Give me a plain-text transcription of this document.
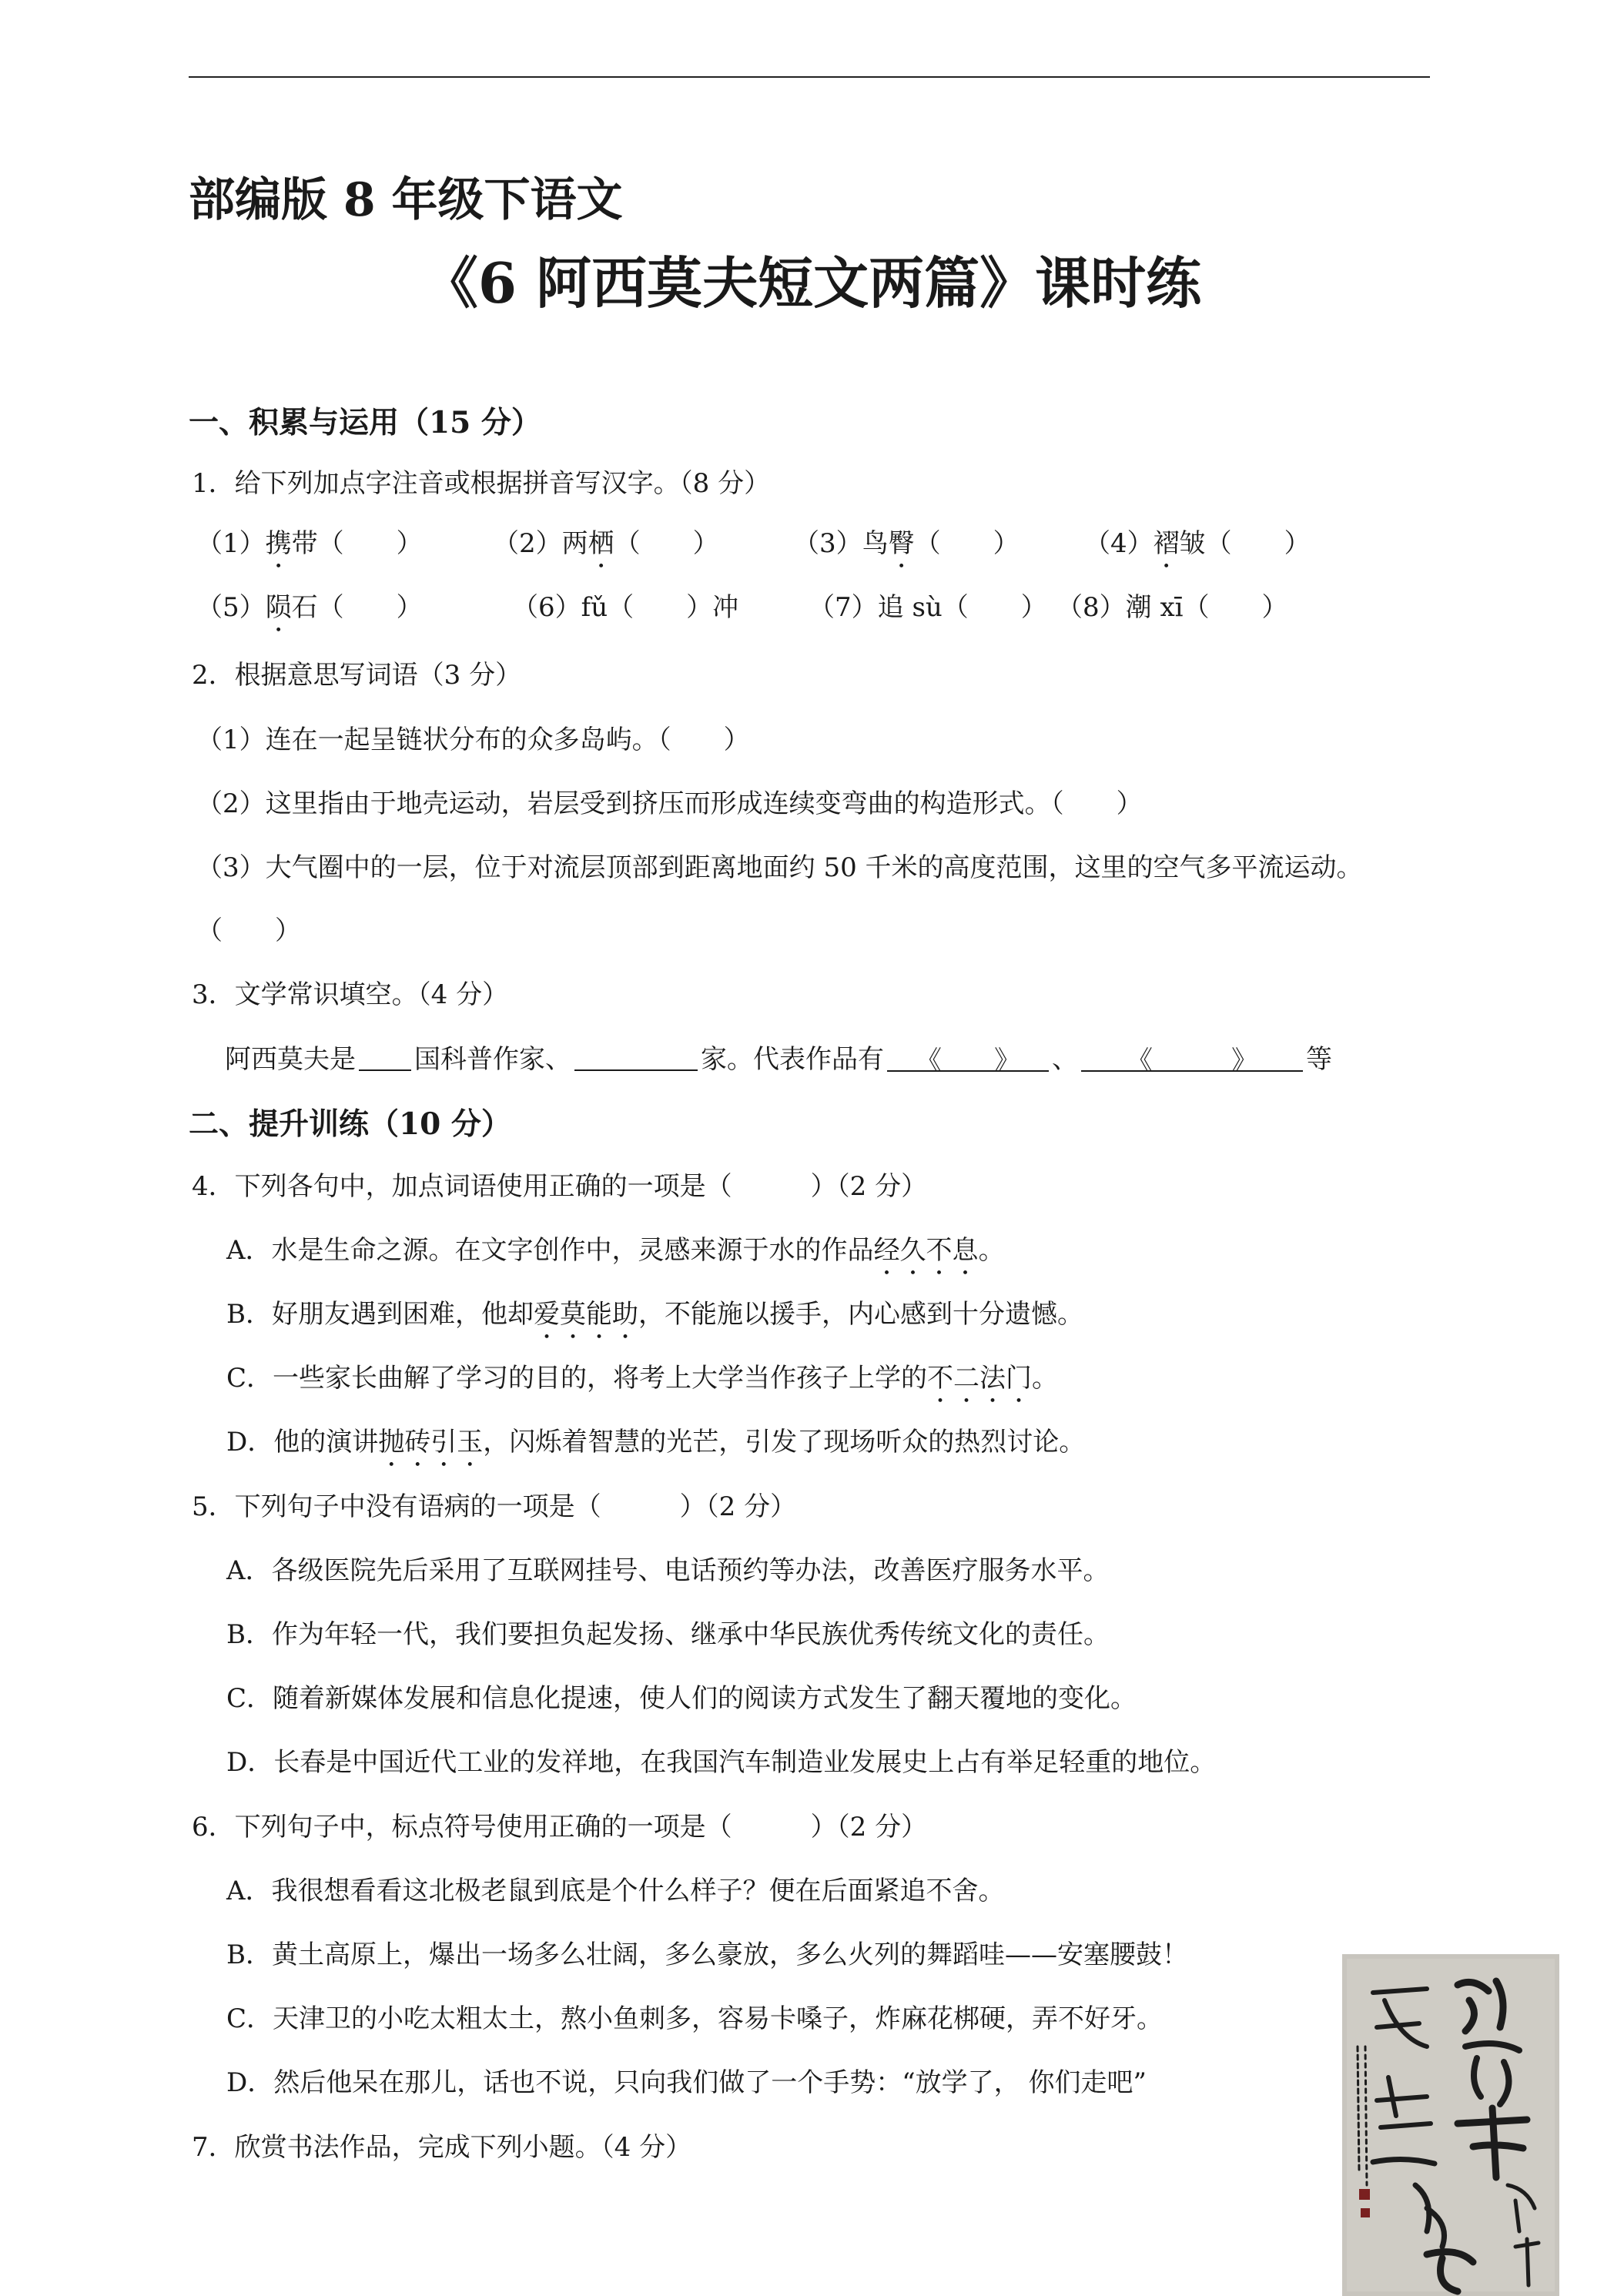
部编版 8 年级下语文
《6 阿西莫夫短文两篇》课时练
一、积累与运用（15 分）
1．给下列加点字注音或根据拼音写汉字。（8 分）
（1）携带（　　）	（2）两栖（　　）	（3）鸟臀（　　） （4）褶皱（　　）
（5）陨石（　　）	（6）fǔ（　　）冲	（7）追 sù（　　） （8）潮 xī（　　）
2．根据意思写词语（3 分）
（1）连在一起呈链状分布的众多岛屿。（　　）
（2）这里指由于地壳运动，岩层受到挤压而形成连续变弯曲的构造形式。（　　）
（3）大气圈中的一层，位于对流层顶部到距离地面约 50 千米的高度范围，这里的空气多平流运动。
（　　）
3．文学常识填空。（4 分）
阿西莫夫是 国科普作家、	家。代表作品有 《　　》 、 《　　　》 等
二、提升训练（10 分）
4．下列各句中，加点词语使用正确的一项是（　　　）（2 分）
A．水是生命之源。在文字创作中，灵感来源于水的作品经久不息。
B．好朋友遇到困难，他却爱莫能助，不能施以援手，内心感到十分遗憾。
C．一些家长曲解了学习的目的，将考上大学当作孩子上学的不二法门。
D．他的演讲抛砖引玉，闪烁着智慧的光芒，引发了现场听众的热烈讨论。
5．下列句子中没有语病的一项是（　　　）（2 分）
A．各级医院先后采用了互联网挂号、电话预约等办法，改善医疗服务水平。
B．作为年轻一代，我们要担负起发扬、继承中华民族优秀传统文化的责任。
C．随着新媒体发展和信息化提速，使人们的阅读方式发生了翻天覆地的变化。
D．长春是中国近代工业的发祥地，在我国汽车制造业发展史上占有举足轻重的地位。
6．下列句子中，标点符号使用正确的一项是（　　　）（2 分）
A．我很想看看这北极老鼠到底是个什么样子？便在后面紧追不舍。
B．黄土高原上，爆出一场多么壮阔，多么豪放，多么火列的舞蹈哇——安塞腰鼓！
C．天津卫的小吃太粗太土，熬小鱼刺多，容易卡嗓子，炸麻花梆硬，弄不好牙。
D．然后他呆在那儿，话也不说，只向我们做了一个手势：“放学了， 你们走吧”
7．欣赏书法作品，完成下列小题。（4 分）
